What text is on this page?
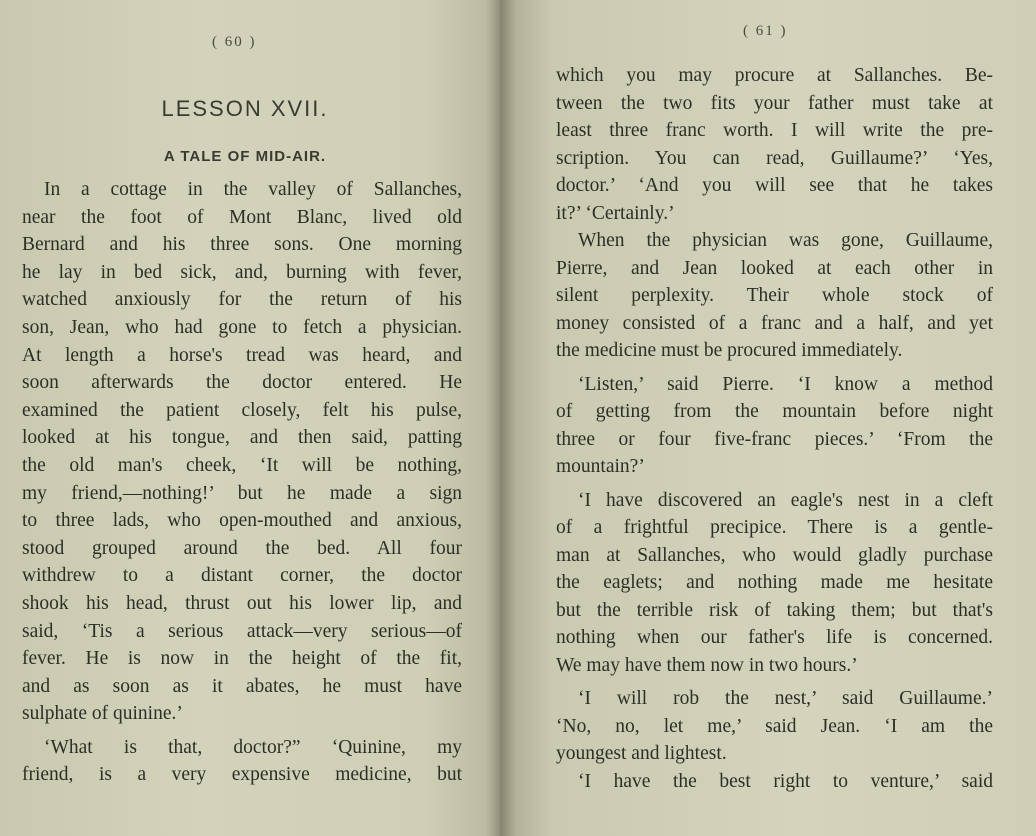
( 60 )
LESSON XVII.
A TALE OF MID-AIR.
In a cottage in the valley of Sallanches,
near the foot of Mont Blanc, lived old
Bernard and his three sons. One morning
he lay in bed sick, and, burning with fever,
watched anxiously for the return of his
son, Jean, who had gone to fetch a physician.
At length a horse's tread was heard, and
soon afterwards the doctor entered. He
examined the patient closely, felt his pulse,
looked at his tongue, and then said, patting
the old man's cheek, ‘It will be nothing,
my friend,—nothing!’ but he made a sign
to three lads, who open-mouthed and anxious,
stood grouped around the bed. All four
withdrew to a distant corner, the doctor
shook his head, thrust out his lower lip, and
said, ‘Tis a serious attack—very serious—of
fever. He is now in the height of the fit,
and as soon as it abates, he must have
sulphate of quinine.’
‘What is that, doctor?” ‘Quinine, my
friend, is a very expensive medicine, but
( 61 )
which you may procure at Sallanches. Be-
tween the two fits your father must take at
least three franc worth. I will write the pre-
scription. You can read, Guillaume?’ ‘Yes,
doctor.’ ‘And you will see that he takes
it?’ ‘Certainly.’
When the physician was gone, Guillaume,
Pierre, and Jean looked at each other in
silent perplexity. Their whole stock of
money consisted of a franc and a half, and yet
the medicine must be procured immediately.
‘Listen,’ said Pierre. ‘I know a method
of getting from the mountain before night
three or four five-franc pieces.’ ‘From the
mountain?’
‘I have discovered an eagle's nest in a cleft
of a frightful precipice. There is a gentle-
man at Sallanches, who would gladly purchase
the eaglets; and nothing made me hesitate
but the terrible risk of taking them; but that's
nothing when our father's life is concerned.
We may have them now in two hours.’
‘I will rob the nest,’ said Guillaume.’
‘No, no, let me,’ said Jean. ‘I am the
youngest and lightest.
‘I have the best right to venture,’ said
